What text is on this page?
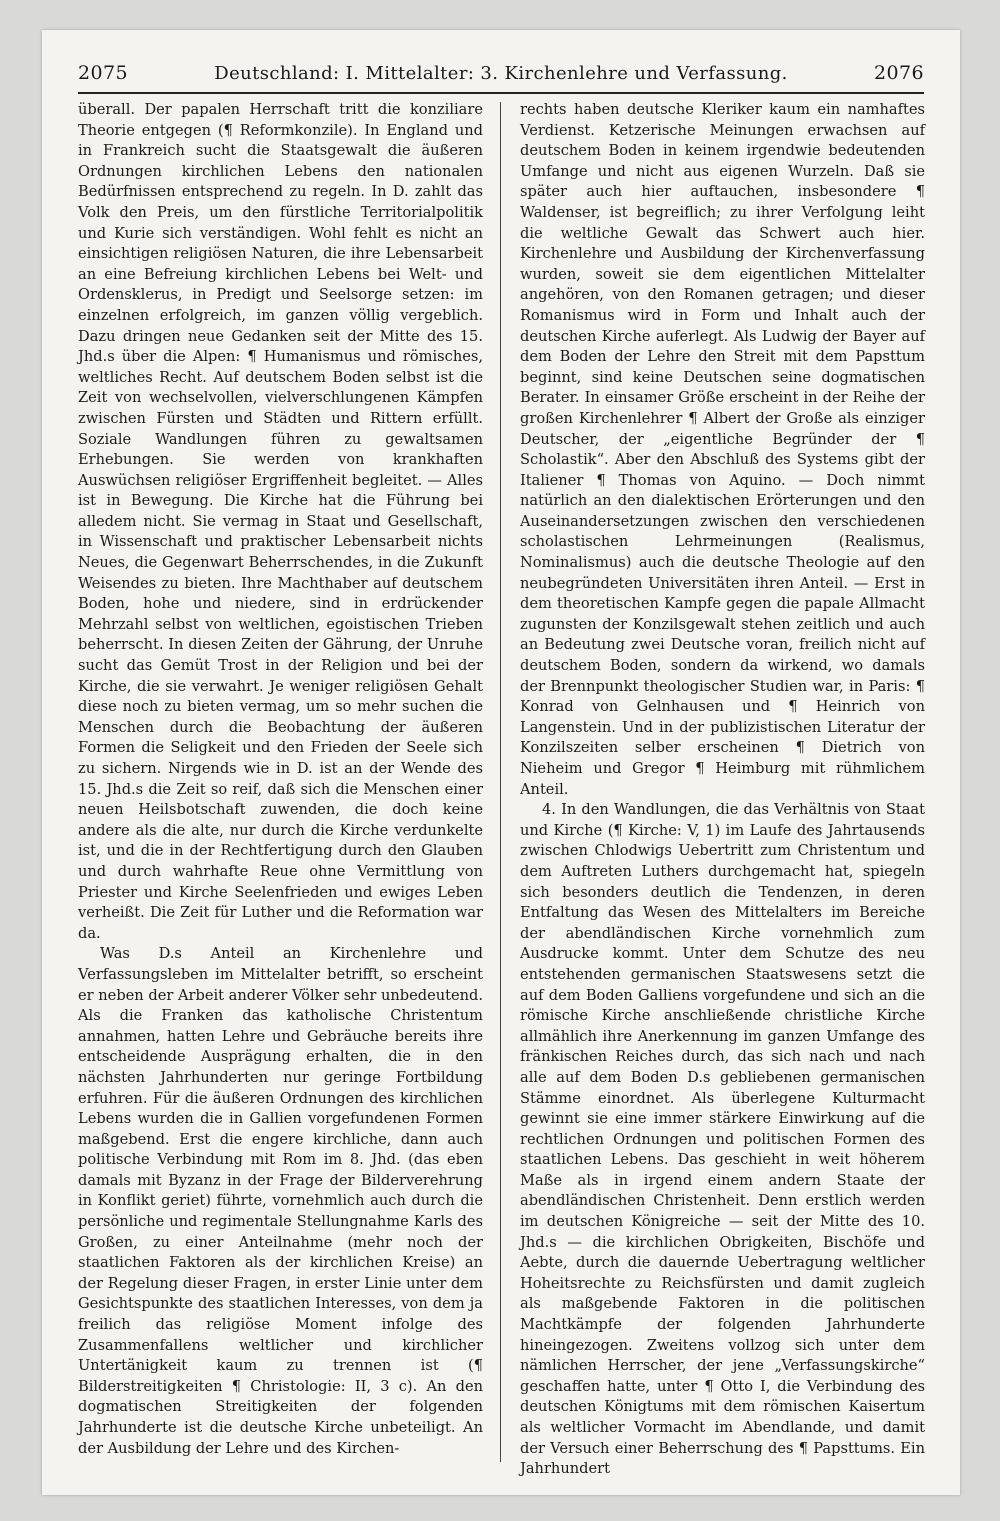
2075	Deutschland: I. Mittelalter: 3. Kirchenlehre und Verfassung.	2076

überall. Der papalen Herrschaft tritt die konziliare Theorie entgegen (¶ Reformkonzile). In England und in Frankreich sucht die Staatsgewalt die äußeren Ordnungen kirchlichen Lebens den nationalen Bedürfnissen entsprechend zu regeln. In D. zahlt das Volk den Preis, um den fürstliche Territorialpolitik und Kurie sich verständigen. Wohl fehlt es nicht an einsichtigen religiösen Naturen, die ihre Lebensarbeit an eine Befreiung kirchlichen Lebens bei Welt- und Ordensklerus, in Predigt und Seelsorge setzen: im einzelnen erfolgreich, im ganzen völlig vergeblich. Dazu dringen neue Gedanken seit der Mitte des 15. Jhd.s über die Alpen: ¶ Humanismus und römisches, weltliches Recht. Auf deutschem Boden selbst ist die Zeit von wechselvollen, vielverschlungenen Kämpfen zwischen Fürsten und Städten und Rittern erfüllt. Soziale Wandlungen führen zu gewaltsamen Erhebungen. Sie werden von krankhaften Auswüchsen religiöser Ergriffenheit begleitet. — Alles ist in Bewegung. Die Kirche hat die Führung bei alledem nicht. Sie vermag in Staat und Gesellschaft, in Wissenschaft und praktischer Lebensarbeit nichts Neues, die Gegenwart Beherrschendes, in die Zukunft Weisendes zu bieten. Ihre Machthaber auf deutschem Boden, hohe und niedere, sind in erdrückender Mehrzahl selbst von weltlichen, egoistischen Trieben beherrscht. In diesen Zeiten der Gährung, der Unruhe sucht das Gemüt Trost in der Religion und bei der Kirche, die sie verwahrt. Je weniger religiösen Gehalt diese noch zu bieten vermag, um so mehr suchen die Menschen durch die Beobachtung der äußeren Formen die Seligkeit und den Frieden der Seele sich zu sichern. Nirgends wie in D. ist an der Wende des 15. Jhd.s die Zeit so reif, daß sich die Menschen einer neuen Heilsbotschaft zuwenden, die doch keine andere als die alte, nur durch die Kirche verdunkelte ist, und die in der Rechtfertigung durch den Glauben und durch wahrhafte Reue ohne Vermittlung von Priester und Kirche Seelenfrieden und ewiges Leben verheißt. Die Zeit für Luther und die Reformation war da.

Was D.s Anteil an Kirchenlehre und Verfassungsleben im Mittelalter betrifft, so erscheint er neben der Arbeit anderer Völker sehr unbedeutend. Als die Franken das katholische Christentum annahmen, hatten Lehre und Gebräuche bereits ihre entscheidende Ausprägung erhalten, die in den nächsten Jahrhunderten nur geringe Fortbildung erfuhren. Für die äußeren Ordnungen des kirchlichen Lebens wurden die in Gallien vorgefundenen Formen maßgebend. Erst die engere kirchliche, dann auch politische Verbindung mit Rom im 8. Jhd. (das eben damals mit Byzanz in der Frage der Bilderverehrung in Konflikt geriet) führte, vornehmlich auch durch die persönliche und regimentale Stellungnahme Karls des Großen, zu einer Anteilnahme (mehr noch der staatlichen Faktoren als der kirchlichen Kreise) an der Regelung dieser Fragen, in erster Linie unter dem Gesichtspunkte des staatlichen Interesses, von dem ja freilich das religiöse Moment infolge des Zusammenfallens weltlicher und kirchlicher Untertänigkeit kaum zu trennen ist (¶ Bilderstreitigkeiten ¶ Christologie: II, 3 c). An den dogmatischen Streitigkeiten der folgenden Jahrhunderte ist die deutsche Kirche unbeteiligt. An der Ausbildung der Lehre und des Kirchen-

rechts haben deutsche Kleriker kaum ein namhaftes Verdienst. Ketzerische Meinungen erwachsen auf deutschem Boden in keinem irgendwie bedeutenden Umfange und nicht aus eigenen Wurzeln. Daß sie später auch hier auftauchen, insbesondere ¶ Waldenser, ist begreiflich; zu ihrer Verfolgung leiht die weltliche Gewalt das Schwert auch hier. Kirchenlehre und Ausbildung der Kirchenverfassung wurden, soweit sie dem eigentlichen Mittelalter angehören, von den Romanen getragen; und dieser Romanismus wird in Form und Inhalt auch der deutschen Kirche auferlegt. Als Ludwig der Bayer auf dem Boden der Lehre den Streit mit dem Papsttum beginnt, sind keine Deutschen seine dogmatischen Berater. In einsamer Größe erscheint in der Reihe der großen Kirchenlehrer ¶ Albert der Große als einziger Deutscher, der „eigentliche Begründer der ¶ Scholastik“. Aber den Abschluß des Systems gibt der Italiener ¶ Thomas von Aquino. — Doch nimmt natürlich an den dialektischen Erörterungen und den Auseinandersetzungen zwischen den verschiedenen scholastischen Lehrmeinungen (Realismus, Nominalismus) auch die deutsche Theologie auf den neubegründeten Universitäten ihren Anteil. — Erst in dem theoretischen Kampfe gegen die papale Allmacht zugunsten der Konzilsgewalt stehen zeitlich und auch an Bedeutung zwei Deutsche voran, freilich nicht auf deutschem Boden, sondern da wirkend, wo damals der Brennpunkt theologischer Studien war, in Paris: ¶ Konrad von Gelnhausen und ¶ Heinrich von Langenstein. Und in der publizistischen Literatur der Konzilszeiten selber erscheinen ¶ Dietrich von Nieheim und Gregor ¶ Heimburg mit rühmlichem Anteil.

4. In den Wandlungen, die das Verhältnis von Staat und Kirche (¶ Kirche: V, 1) im Laufe des Jahrtausends zwischen Chlodwigs Uebertritt zum Christentum und dem Auftreten Luthers durchgemacht hat, spiegeln sich besonders deutlich die Tendenzen, in deren Entfaltung das Wesen des Mittelalters im Bereiche der abendländischen Kirche vornehmlich zum Ausdrucke kommt. Unter dem Schutze des neu entstehenden germanischen Staatswesens setzt die auf dem Boden Galliens vorgefundene und sich an die römische Kirche anschließende christliche Kirche allmählich ihre Anerkennung im ganzen Umfange des fränkischen Reiches durch, das sich nach und nach alle auf dem Boden D.s gebliebenen germanischen Stämme einordnet. Als überlegene Kulturmacht gewinnt sie eine immer stärkere Einwirkung auf die rechtlichen Ordnungen und politischen Formen des staatlichen Lebens. Das geschieht in weit höherem Maße als in irgend einem andern Staate der abendländischen Christenheit. Denn erstlich werden im deutschen Königreiche — seit der Mitte des 10. Jhd.s — die kirchlichen Obrigkeiten, Bischöfe und Aebte, durch die dauernde Uebertragung weltlicher Hoheitsrechte zu Reichsfürsten und damit zugleich als maßgebende Faktoren in die politischen Machtkämpfe der folgenden Jahrhunderte hineingezogen. Zweitens vollzog sich unter dem nämlichen Herrscher, der jene „Verfassungskirche“ geschaffen hatte, unter ¶ Otto I, die Verbindung des deutschen Königtums mit dem römischen Kaisertum als weltlicher Vormacht im Abendlande, und damit der Versuch einer Beherrschung des ¶ Papsttums. Ein Jahrhundert
